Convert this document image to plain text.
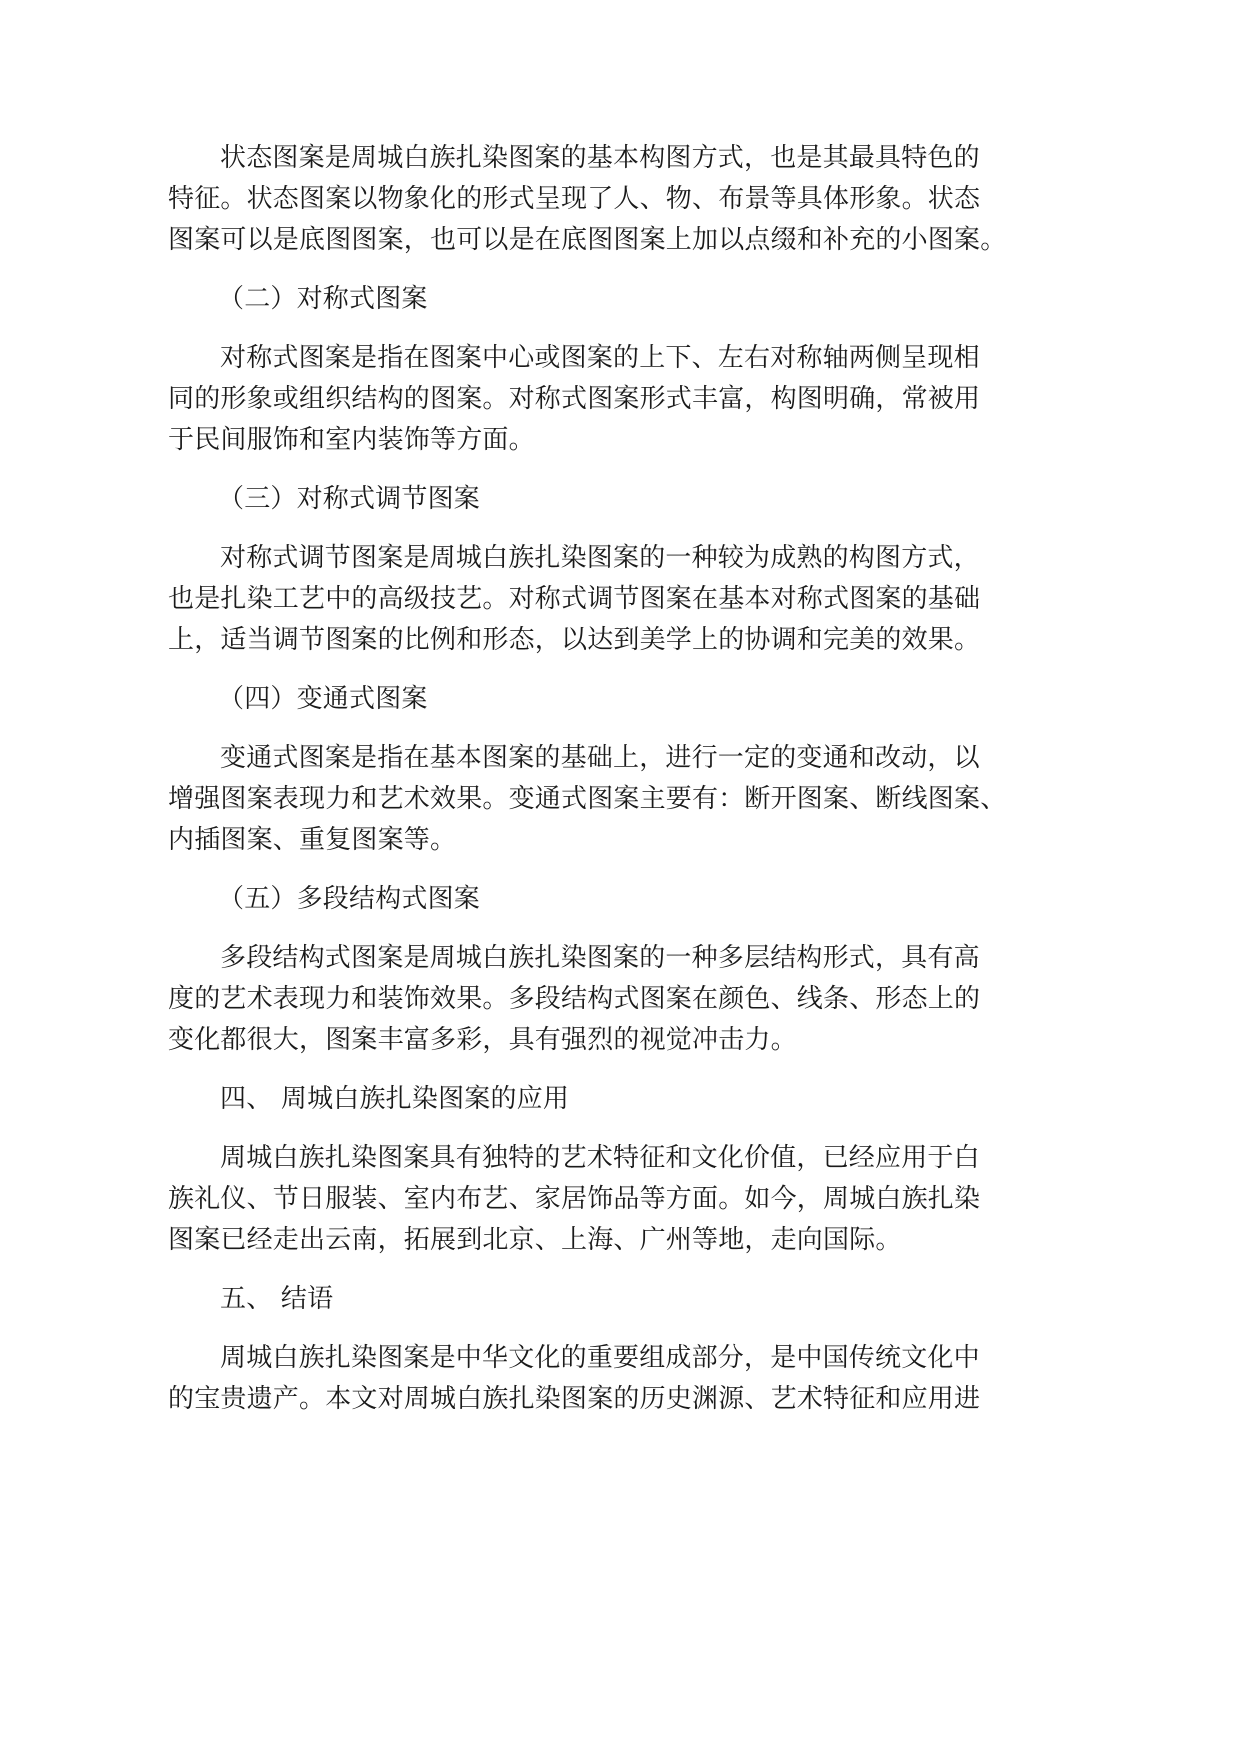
状态图案是周城白族扎染图案的基本构图方式，也是其最具特色的

特征。状态图案以物象化的形式呈现了人、物、布景等具体形象。状态

图案可以是底图图案，也可以是在底图图案上加以点缀和补充的小图案。

（二）对称式图案

对称式图案是指在图案中心或图案的上下、左右对称轴两侧呈现相

同的形象或组织结构的图案。对称式图案形式丰富，构图明确，常被用

于民间服饰和室内装饰等方面。

（三）对称式调节图案

对称式调节图案是周城白族扎染图案的一种较为成熟的构图方式，

也是扎染工艺中的高级技艺。对称式调节图案在基本对称式图案的基础

上，适当调节图案的比例和形态，以达到美学上的协调和完美的效果。

（四）变通式图案

变通式图案是指在基本图案的基础上，进行一定的变通和改动，以

增强图案表现力和艺术效果。变通式图案主要有：断开图案、断线图案、

内插图案、重复图案等。

（五）多段结构式图案

多段结构式图案是周城白族扎染图案的一种多层结构形式，具有高

度的艺术表现力和装饰效果。多段结构式图案在颜色、线条、形态上的

变化都很大，图案丰富多彩，具有强烈的视觉冲击力。

四、 周城白族扎染图案的应用

周城白族扎染图案具有独特的艺术特征和文化价值，已经应用于白

族礼仪、节日服装、室内布艺、家居饰品等方面。如今，周城白族扎染

图案已经走出云南，拓展到北京、上海、广州等地，走向国际。

五、 结语

周城白族扎染图案是中华文化的重要组成部分，是中国传统文化中

的宝贵遗产。本文对周城白族扎染图案的历史渊源、艺术特征和应用进
